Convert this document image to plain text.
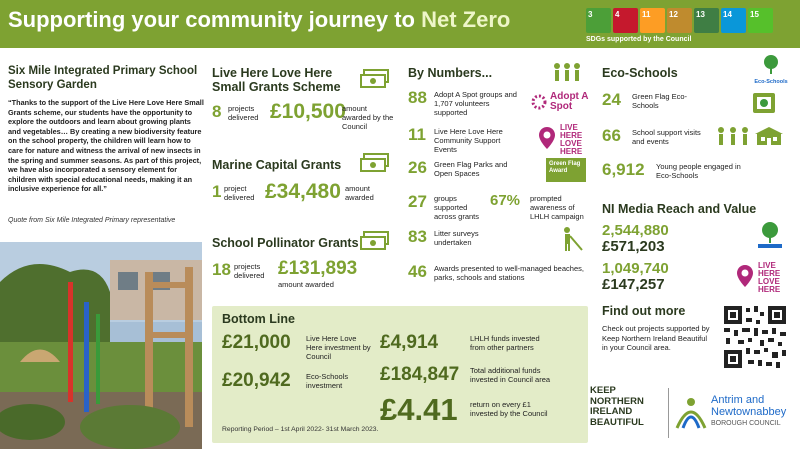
Supporting your community journey to Net Zero	3	4	11	12	13	14	15
SDGs supported by the Council
Six Mile Integrated Primary School Sensory Garden
“Thanks to the support of the Live Here Love Here Small Grants scheme, our students have the opportunity to explore the outdoors and learn about growing plants and vegetables… By creating a new biodiversity feature on the school property, the children will learn how to care for nature and witness the arrival of new insects in the spring and summer seasons. As part of this project, we have also incorporated a sensory element for children with special educational needs, making it an inclusive experience for all.”
Quote from Six Mile Integrated Primary representative
Live Here Love Here Small Grants Scheme
8 projects delivered £10,500
amount awarded by the Council
Marine Capital Grants
1 project delivered £34,480 amount awarded
School Pollinator Grants
18 projects delivered £131,893
amount awarded
By Numbers...
88 Adopt A Spot groups and 1,707 volunteers supported
Adopt A Spot
11 Live Here Love Here Community Support Events
LIVE HERE LOVE HERE
26 Green Flag Parks and Open Spaces
Green Flag Award
27 groups supported across grants
67% prompted awareness of LHLH campaign
83 Litter surveys undertaken
46 Awards presented to well-managed beaches, parks, schools and stations
Eco-Schools
Eco-Schools
24 Green Flag Eco-Schools
66 School support visits and events
6,912 Young people engaged in Eco-Schools
NI Media Reach and Value
2,544,880
£571,203
1,049,740
£147,257
LIVE HERE LOVE HERE
Bottom Line
£21,000 Live Here Love Here investment by Council
£20,942 Eco-Schools investment
£4,914	LHLH funds invested from other partners
£184,847 Total additional funds invested in Council area
£4.41 return on every £1 invested by the Council
Reporting Period – 1st April 2022- 31st March 2023.
Find out more
Check out projects supported by Keep Northern Ireland Beautiful in your Council area.
KEEP
NORTHERN
IRELAND
BEAUTIFUL
Antrim and
Newtownabbey
BOROUGH COUNCIL
